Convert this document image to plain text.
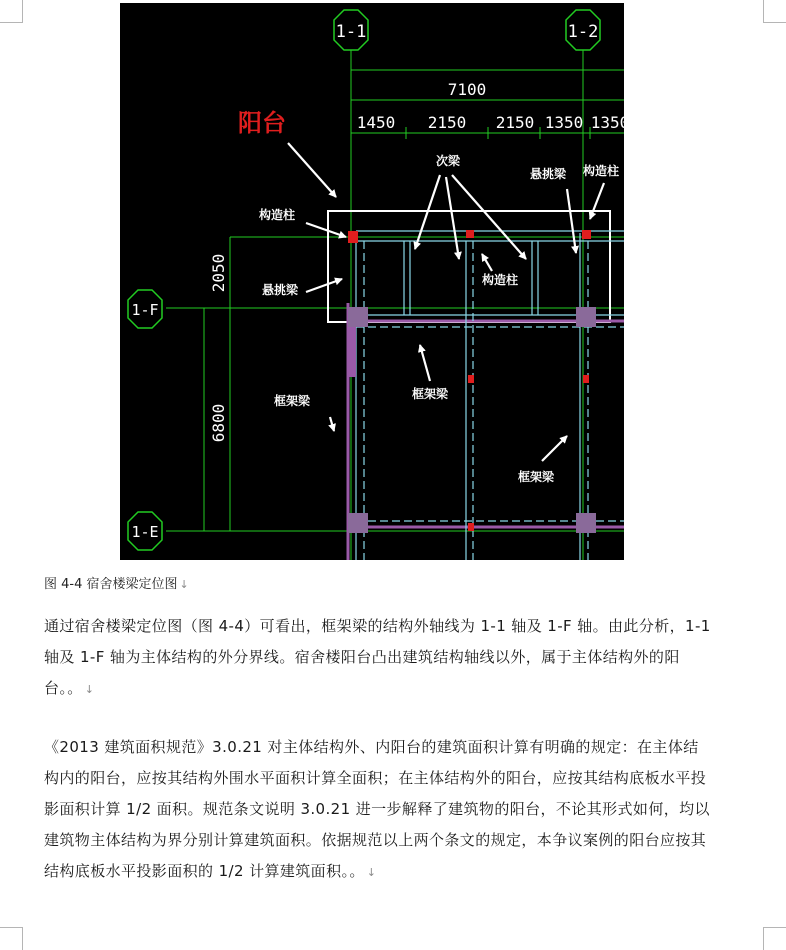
1-1	1-2
1-F
1-E
7100
1450 2150 2150 1350 1350
2050
6800
阳台
次梁
悬挑梁 构造柱
构造柱
悬挑梁
构造柱
框架梁	框架梁
框架梁
图 4-4 宿舍楼梁定位图 ↓
通过宿舍楼梁定位图（图 4-4）可看出，框架梁的结构外轴线为 1-1 轴及 1-F 轴。由此分析，1-1 轴及 1-F 轴为主体结构的外分界线。宿舍楼阳台凸出建筑结构轴线以外，属于主体结构外的阳台。。 ↓
《2013 建筑面积规范》3.0.21 对主体结构外、内阳台的建筑面积计算有明确的规定：在主体结构内的阳台，应按其结构外围水平面积计算全面积；在主体结构外的阳台，应按其结构底板水平投影面积计算 1/2 面积。规范条文说明 3.0.21 进一步解释了建筑物的阳台，不论其形式如何，均以建筑物主体结构为界分别计算建筑面积。依据规范以上两个条文的规定，本争议案例的阳台应按其结构底板水平投影面积的 1/2 计算建筑面积。。 ↓
